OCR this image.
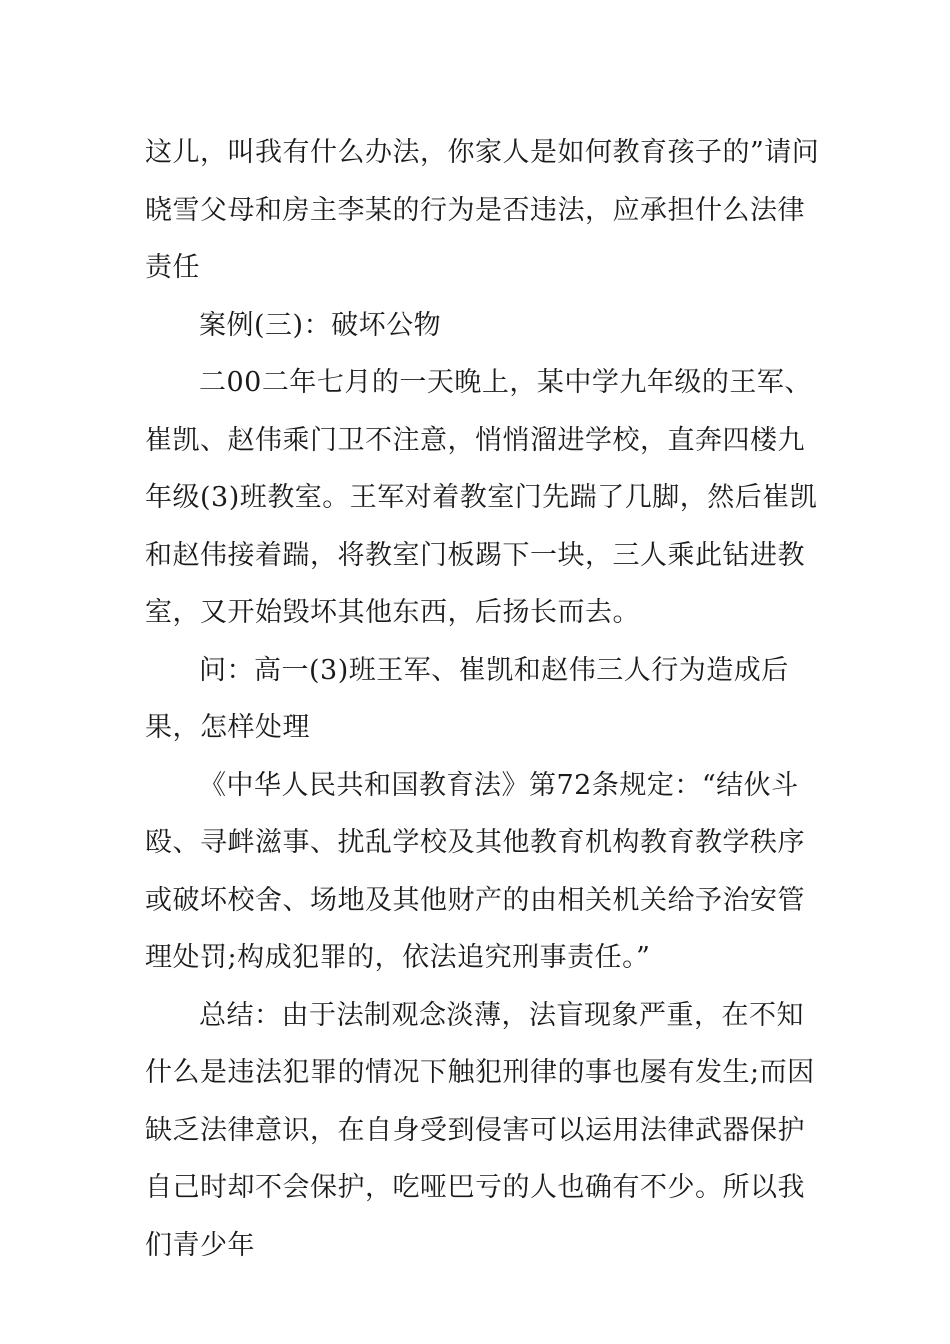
这儿，叫我有什么办法，你家人是如何教育孩子的”请问晓雪父母和房主李某的行为是否违法，应承担什么法律责任

案例(三)：破坏公物

二00二年七月的一天晚上，某中学九年级的王军、崔凯、赵伟乘门卫不注意，悄悄溜进学校，直奔四楼九年级(3)班教室。王军对着教室门先踹了几脚，然后崔凯和赵伟接着踹，将教室门板踢下一块，三人乘此钻进教室，又开始毁坏其他东西，后扬长而去。

问：高一(3)班王军、崔凯和赵伟三人行为造成后果，怎样处理

《中华人民共和国教育法》第72条规定：“结伙斗殴、寻衅滋事、扰乱学校及其他教育机构教育教学秩序或破坏校舍、场地及其他财产的由相关机关给予治安管理处罚;构成犯罪的，依法追究刑事责任。”

总结：由于法制观念淡薄，法盲现象严重，在不知什么是违法犯罪的情况下触犯刑律的事也屡有发生;而因缺乏法律意识，在自身受到侵害可以运用法律武器保护自己时却不会保护，吃哑巴亏的人也确有不少。所以我们青少年
